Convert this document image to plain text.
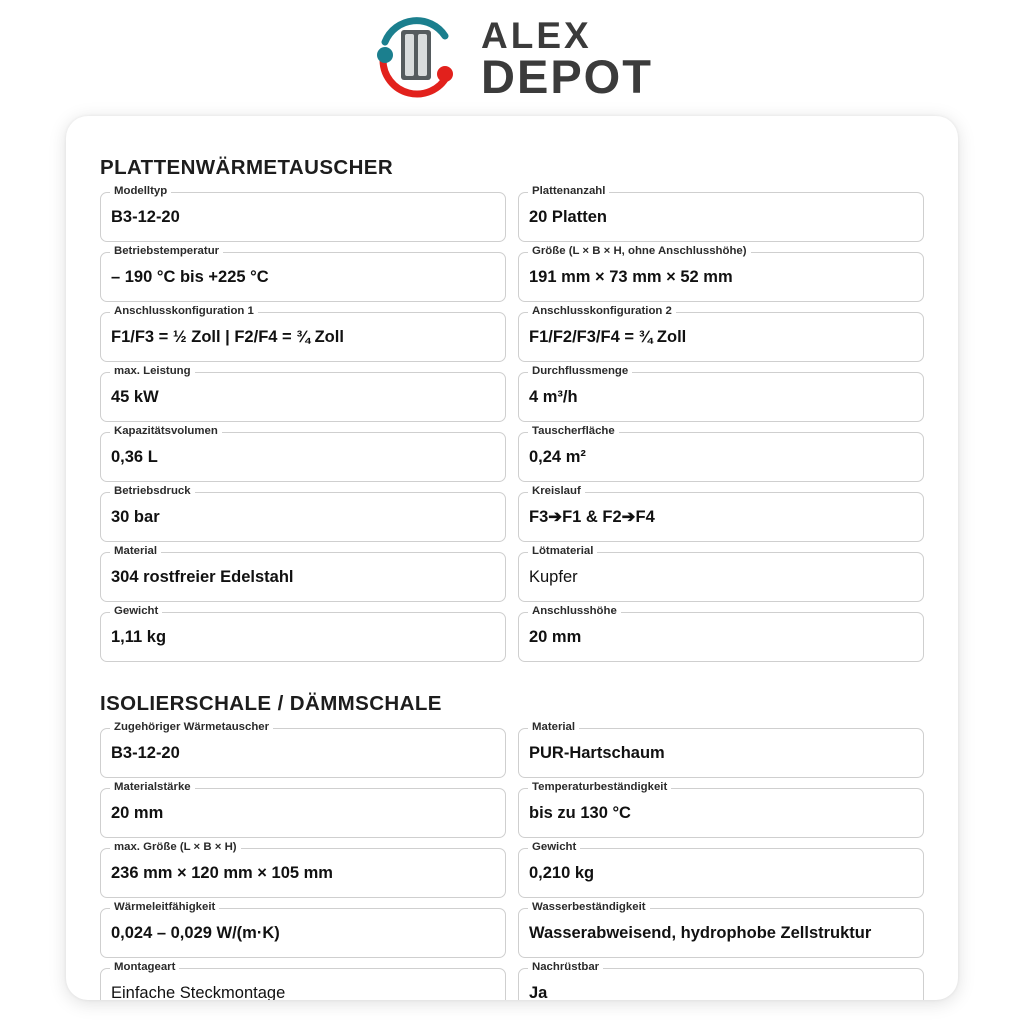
ALEX
DEPOT
PLATTENWÄRMETAUSCHER
Modelltyp
B3-12-20
Plattenanzahl
20 Platten
Betriebstemperatur
– 190 °C bis +225 °C
Größe (L × B × H, ohne Anschlusshöhe)
191 mm × 73 mm × 52 mm
Anschlusskonfiguration 1
F1/F3 = ½ Zoll | F2/F4 = ¾ Zoll
Anschlusskonfiguration 2
F1/F2/F3/F4 = ¾ Zoll
max. Leistung
45 kW
Durchflussmenge
4 m³/h
Kapazitätsvolumen
0,36 L
Tauscherfläche
0,24 m²
Betriebsdruck
30 bar
Kreislauf
F3➔F1 & F2➔F4
Material
304 rostfreier Edelstahl
Lötmaterial
Kupfer
Gewicht
1,11 kg
Anschlusshöhe
20 mm
ISOLIERSCHALE / DÄMMSCHALE
Zugehöriger Wärmetauscher
B3-12-20
Material
PUR-Hartschaum
Materialstärke
20 mm
Temperaturbeständigkeit
bis zu 130 °C
max. Größe (L × B × H)
236 mm × 120 mm × 105 mm
Gewicht
0,210 kg
Wärmeleitfähigkeit
0,024 – 0,029 W/(m·K)
Wasserbeständigkeit
Wasserabweisend, hydrophobe Zellstruktur
Montageart
Einfache Steckmontage
Nachrüstbar
Ja
